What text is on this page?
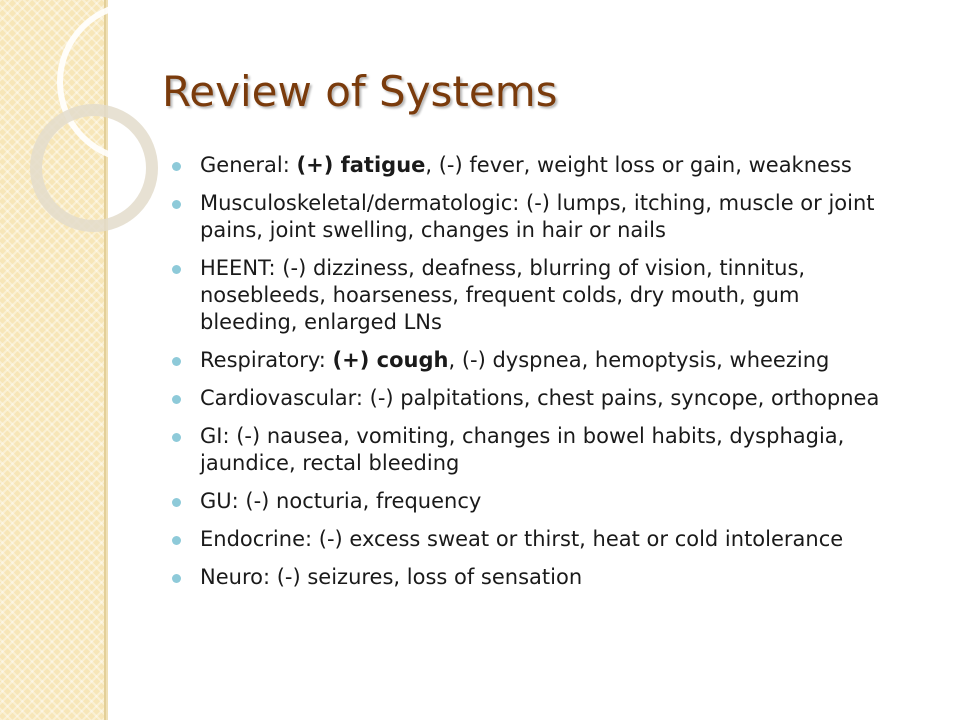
Review of Systems
General: (+) fatigue, (-) fever, weight loss or gain, weakness
Musculoskeletal/dermatologic: (-) lumps, itching, muscle or joint pains, joint swelling, changes in hair or nails
HEENT: (-) dizziness, deafness, blurring of vision, tinnitus, nosebleeds, hoarseness, frequent colds, dry mouth, gum bleeding, enlarged LNs
Respiratory: (+) cough, (-) dyspnea, hemoptysis, wheezing
Cardiovascular: (-) palpitations, chest pains, syncope, orthopnea
GI: (-) nausea, vomiting, changes in bowel habits, dysphagia, jaundice, rectal bleeding
GU: (-) nocturia, frequency
Endocrine: (-) excess sweat or thirst, heat or cold intolerance
Neuro: (-) seizures, loss of sensation
